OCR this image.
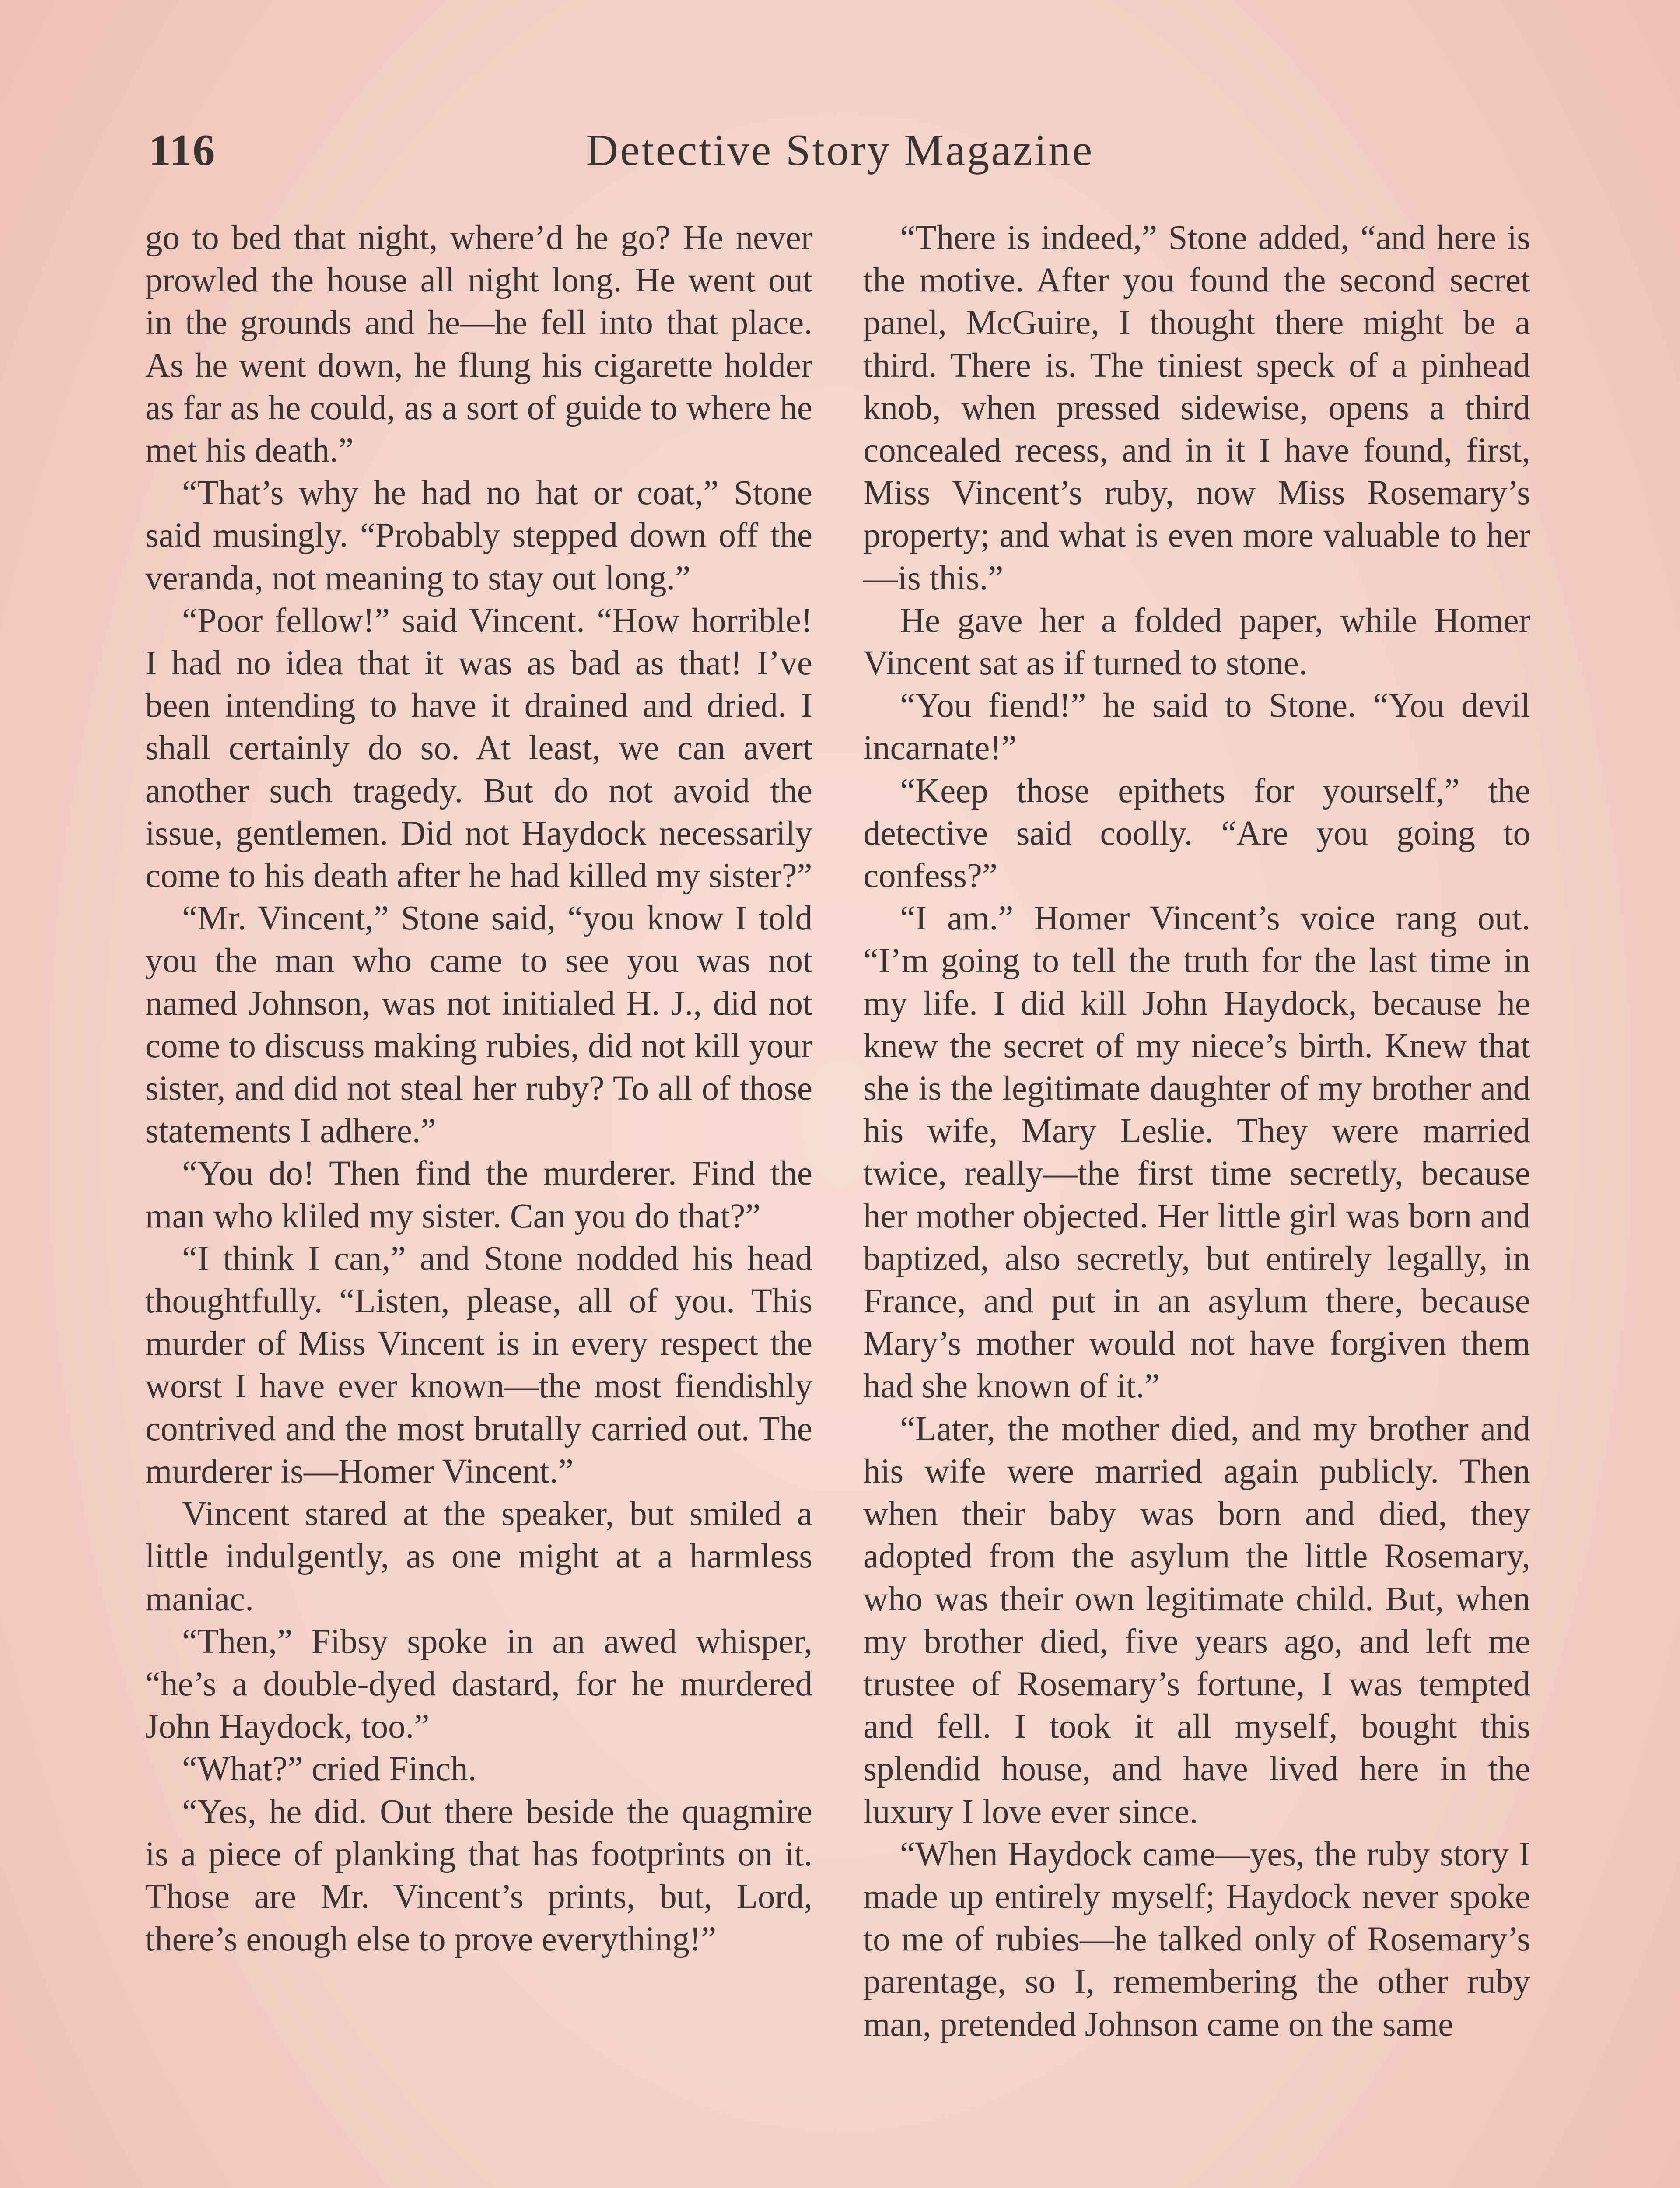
116	Detective Story Magazine

go to bed that night, where’d he go? He never prowled the house all night long. He went out in the grounds and he—he fell into that place. As he went down, he flung his cigarette holder as far as he could, as a sort of guide to where he met his death.”

“That’s why he had no hat or coat,” Stone said musingly. “Probably stepped down off the veranda, not meaning to stay out long.”

“Poor fellow!” said Vincent. “How horrible! I had no idea that it was as bad as that! I’ve been intending to have it drained and dried. I shall certainly do so. At least, we can avert another such tragedy. But do not avoid the issue, gentlemen. Did not Haydock necessarily come to his death after he had killed my sister?”

“Mr. Vincent,” Stone said, “you know I told you the man who came to see you was not named Johnson, was not initialed H. J., did not come to discuss making rubies, did not kill your sister, and did not steal her ruby? To all of those statements I adhere.”

“You do! Then find the murderer. Find the man who kliled my sister. Can you do that?”

“I think I can,” and Stone nodded his head thoughtfully. “Listen, please, all of you. This murder of Miss Vincent is in every respect the worst I have ever known—the most fiendishly contrived and the most brutally carried out. The murderer is—Homer Vincent.”

Vincent stared at the speaker, but smiled a little indulgently, as one might at a harmless maniac.

“Then,” Fibsy spoke in an awed whisper, “he’s a double-dyed dastard, for he murdered John Haydock, too.”

“What?” cried Finch.

“Yes, he did. Out there beside the quagmire is a piece of planking that has footprints on it. Those are Mr. Vincent’s prints, but, Lord, there’s enough else to prove everything!”

“There is indeed,” Stone added, “and here is the motive. After you found the second secret panel, McGuire, I thought there might be a third. There is. The tiniest speck of a pinhead knob, when pressed sidewise, opens a third concealed recess, and in it I have found, first, Miss Vincent’s ruby, now Miss Rosemary’s property; and what is even more valuable to her—is this.”

He gave her a folded paper, while Homer Vincent sat as if turned to stone.

“You fiend!” he said to Stone. “You devil incarnate!”

“Keep those epithets for yourself,” the detective said coolly. “Are you going to confess?”

“I am.” Homer Vincent’s voice rang out. “I’m going to tell the truth for the last time in my life. I did kill John Haydock, because he knew the secret of my niece’s birth. Knew that she is the legitimate daughter of my brother and his wife, Mary Leslie. They were married twice, really—the first time secretly, because her mother objected. Her little girl was born and baptized, also secretly, but entirely legally, in France, and put in an asylum there, because Mary’s mother would not have forgiven them had she known of it.”

“Later, the mother died, and my brother and his wife were married again publicly. Then when their baby was born and died, they adopted from the asylum the little Rosemary, who was their own legitimate child. But, when my brother died, five years ago, and left me trustee of Rosemary’s fortune, I was tempted and fell. I took it all myself, bought this splendid house, and have lived here in the luxury I love ever since.

“When Haydock came—yes, the ruby story I made up entirely myself; Haydock never spoke to me of rubies—he talked only of Rosemary’s parentage, so I, remembering the other ruby man, pretended Johnson came on the same
